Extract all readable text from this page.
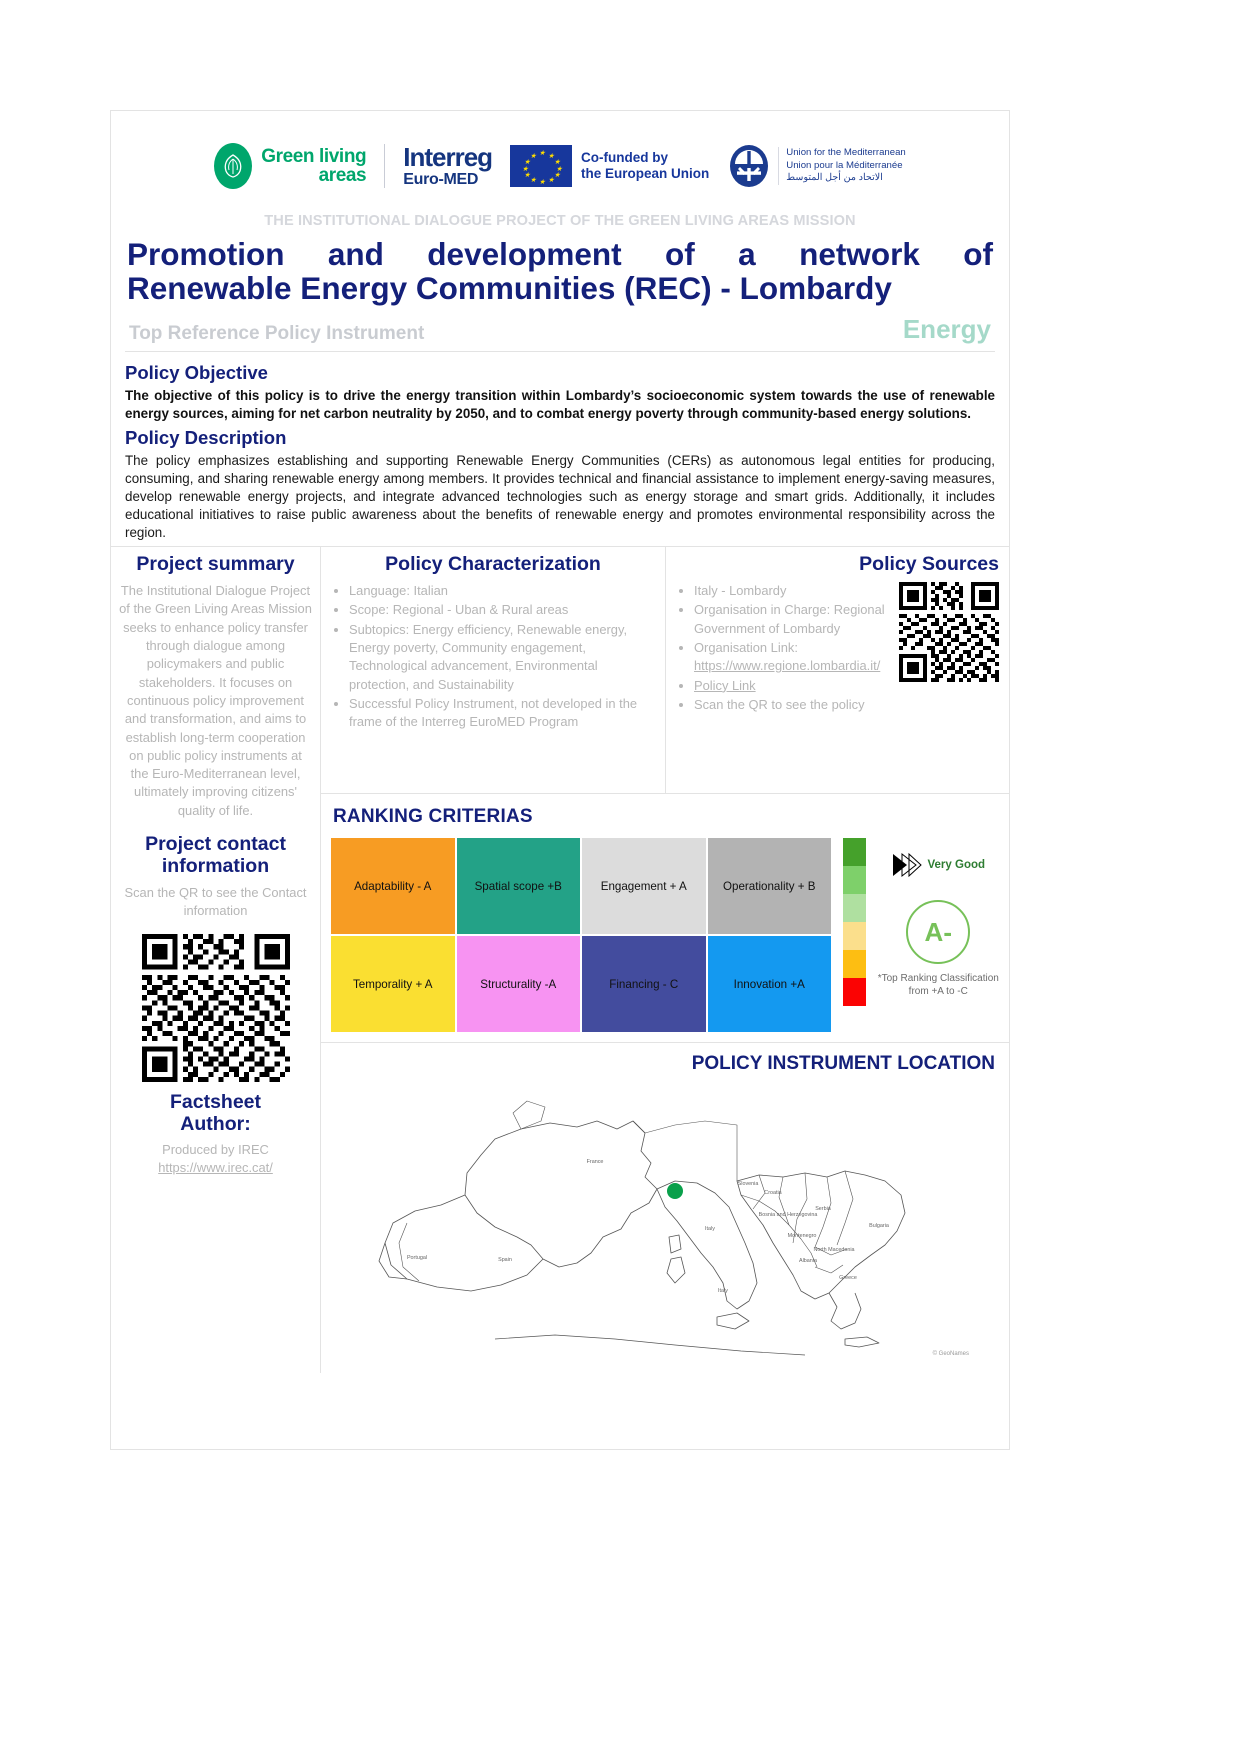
Green living
areas
Interreg
Euro-MED
★ ★
★
★
★
★
★
★
★
★
★
★	Co-funded by
the European Union
Union for the Mediterranean
Union pour la Méditerranée
الاتحاد من أجل المتوسط
THE INSTITUTIONAL DIALOGUE PROJECT OF THE GREEN LIVING AREAS MISSION
Promotion and development of a network of
Renewable Energy Communities (REC) - Lombardy
Top Reference Policy Instrument	Energy
Policy Objective
The objective of this policy is to drive the energy transition within Lombardy’s socioeconomic system towards the use of renewable energy sources, aiming for net carbon neutrality by 2050, and to combat energy poverty through community-based energy solutions.
Policy Description
The policy emphasizes establishing and supporting Renewable Energy Communities (CERs) as autonomous legal entities for producing, consuming, and sharing renewable energy among members. It provides technical and financial assistance to implement energy-saving measures, develop renewable energy projects, and integrate advanced technologies such as energy storage and smart grids. Additionally, it includes educational initiatives to raise public awareness about the benefits of renewable energy and promotes environmental responsibility across the region.
Project summary
The Institutional Dialogue Project of the Green Living Areas Mission seeks to enhance policy transfer through dialogue among policymakers and public stakeholders. It focuses on continuous policy improvement and transformation, and aims to establish long-term cooperation on public policy instruments at the Euro-Mediterranean level, ultimately improving citizens' quality of life.
Project contact
information
Scan the QR to see the Contact information
Factsheet
Author:
Produced by IREC
https://www.irec.cat/
Policy Characterization
• Language: Italian
• Scope: Regional - Uban & Rural areas
• Subtopics: Energy efficiency, Renewable energy, Energy poverty, Community engagement, Technological advancement, Environmental protection, and Sustainability
• Successful Policy Instrument, not developed in the frame of the Interreg EuroMED Program
Policy Sources
• Italy - Lombardy
• Organisation in Charge: Regional Government of Lombardy
• Organisation Link:
https://www.regione.lombardia.it/
• Policy Link
• Scan the QR to see the policy
RANKING CRITERIAS
Adaptability - A	Spatial scope +B	Engagement + A	Operationality + B
Temporality + A	Structurality -A	Financing - C	Innovation +A
Very Good
A-
*Top Ranking Classification from +A to -C
POLICY INSTRUMENT LOCATION
France
Slovenia
Croatia
Bosnia and Herzegovina
Serbia
Italy
Montenegro
Bulgaria
North Macedonia
Albania
Greece
Portugal	Spain
Italy
© GeoNames
